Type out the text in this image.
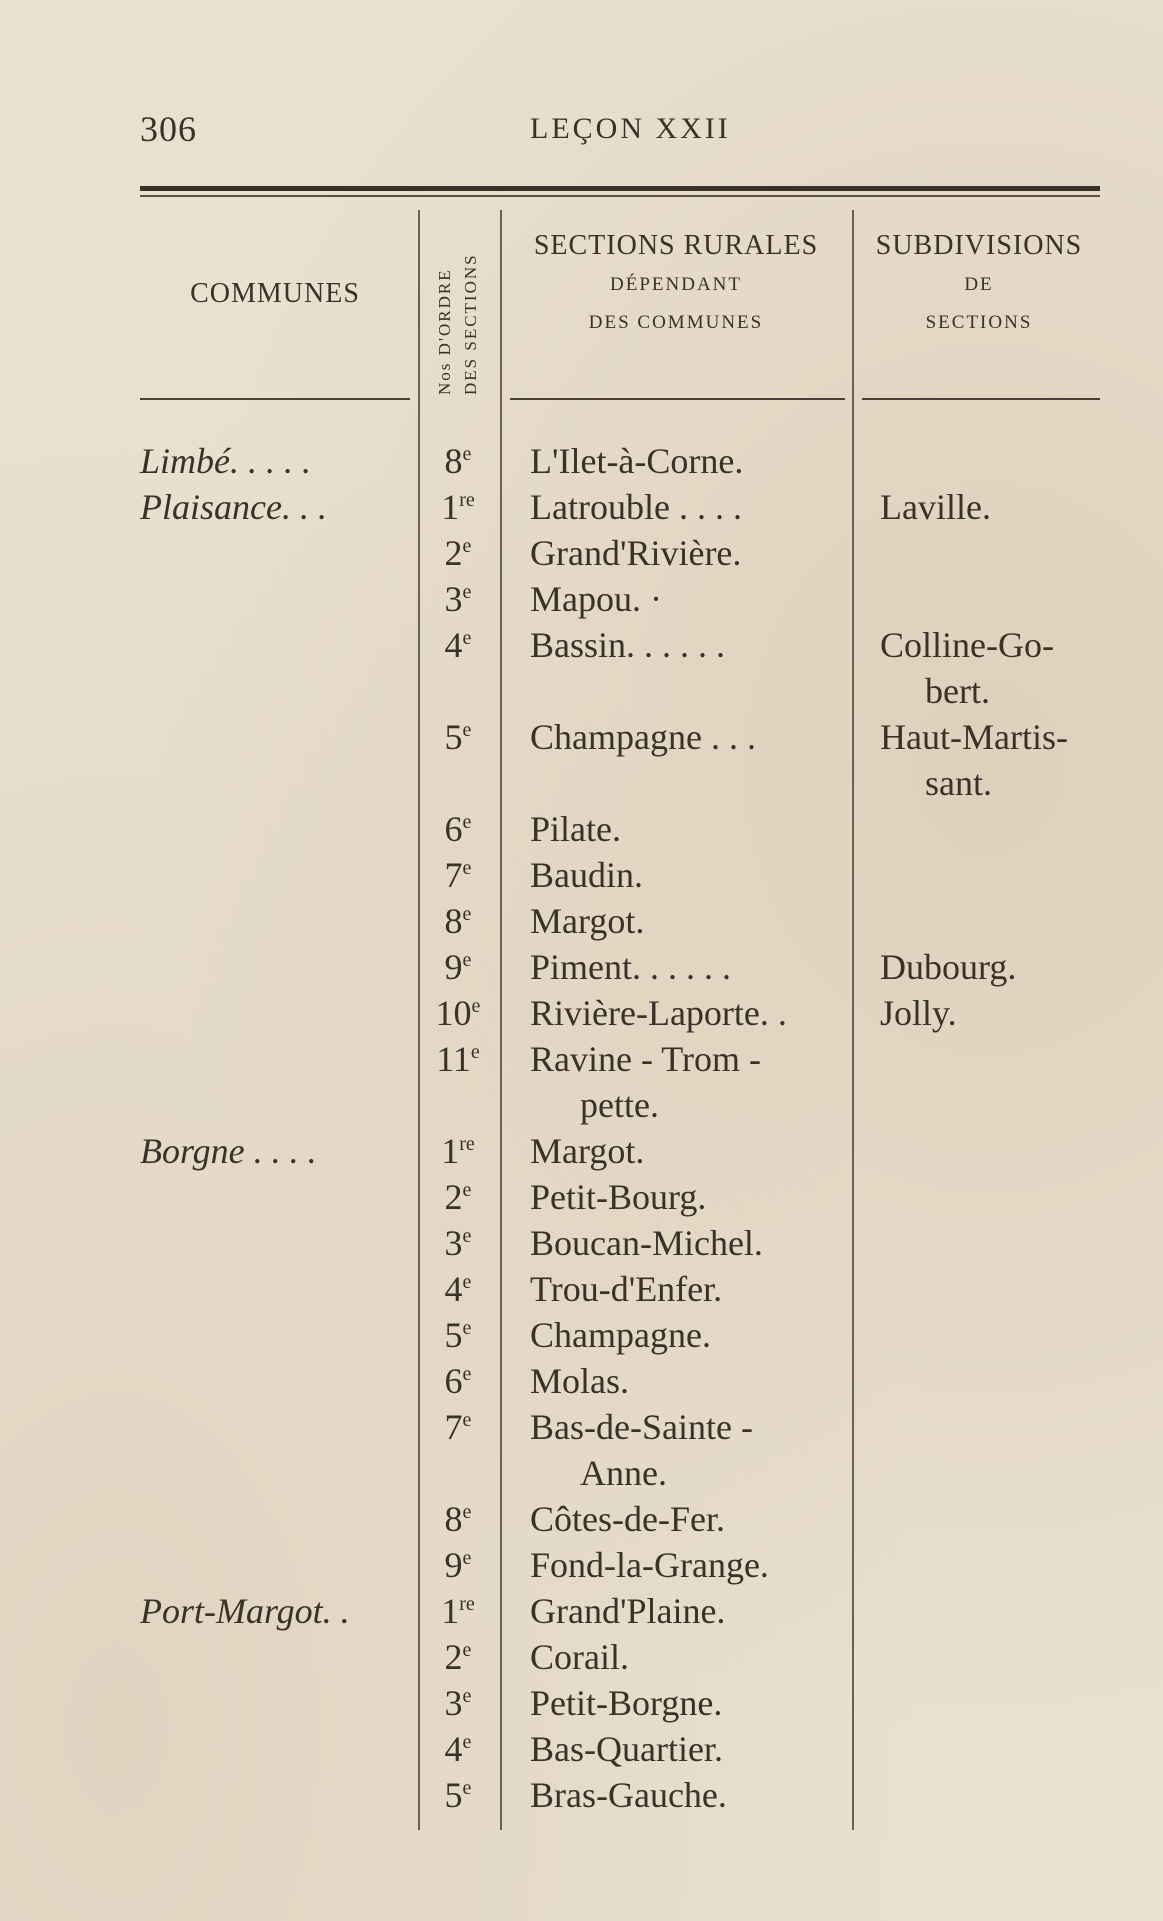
306	LEÇON XXII
COMMUNES	Nos D'ORDRE DES SECTIONS
SECTIONS RURALES
DÉPENDANT
DES COMMUNES
SUBDIVISIONS
DE
SECTIONS
Limbé. . . . .	8e	L'Ilet-à-Corne.
Plaisance. . .	1re	Latrouble . . . .	Laville.
2e	Grand'Rivière.
3e	Mapou. ·
$4^e$	Bassin. . . . . .	Colline-Go-
bert.
5e	Champagne . . .	Haut-Martis-
sant.
6e	Pilate.
7e	Baudin.
8e	Margot.
9e	Piment. . . . . .	Dubourg.
10e	Rivière-Laporte. .	Jolly.
11e	Ravine - Trom -
pette.
Borgne . . . .	1re	Margot.
2e	Petit-Bourg.
3e	Boucan-Michel.
4e	Trou-d'Enfer.
5e	Champagne.
6e	Molas.
7e	Bas-de-Sainte -
Anne.
8e	Côtes-de-Fer.
9e	Fond-la-Grange.
Port-Margot. .	1re	Grand'Plaine.
2e	Corail.
3e	Petit-Borgne.
4e	Bas-Quartier.
5e	Bras-Gauche.
